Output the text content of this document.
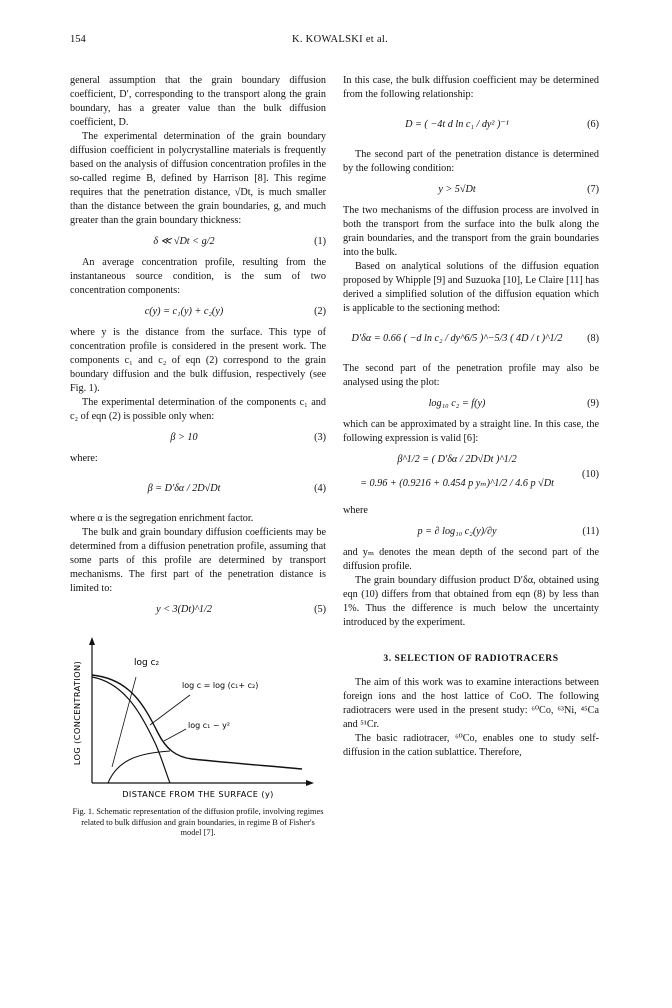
154	K. KOWALSKI et al.

general assumption that the grain boundary diffusion coefficient, D′, corresponding to the transport along the grain boundary, has a greater value than the bulk diffusion coefficient, D.

The experimental determination of the grain boundary diffusion coefficient in polycrystalline materials is frequently based on the analysis of diffusion concentration profiles in the so-called regime B, defined by Harrison [8]. This regime requires that the penetration distance, √Dt, is much smaller than the distance between the grain boundaries, g, and much greater than the grain boundary thickness:

δ ≪ √Dt < g/2	(1)

An average concentration profile, resulting from the instantaneous source condition, is the sum of two concentration components:

c(y) = c₁(y) + c₂(y)	(2)

where y is the distance from the surface. This type of concentration profile is considered in the present work. The components c₁ and c₂ of eqn (2) correspond to the grain boundary diffusion and the bulk diffusion, respectively (see Fig. 1).

The experimental determination of the components c₁ and c₂ of eqn (2) is possible only when:

β > 10	(3)

where:

β = D′δα / 2D√Dt	(4)

where α is the segregation enrichment factor.

The bulk and grain boundary diffusion coefficients may be determined from a diffusion penetration profile, assuming that some parts of this profile are determined by transport mechanisms. The first part of the penetration distance is limited to:

y < 3(Dt)^1/2	(5)
log c₂
log c = log (c₁+ c₂)
log c₁ ~ y²
LOG (CONCENTRATION)
DISTANCE FROM THE SURFACE (y)
Fig. 1. Schematic representation of the diffusion profile, involving regimes related to bulk diffusion and grain boundaries, in regime B of Fisher's model [7].

In this case, the bulk diffusion coefficient may be determined from the following relationship:

D = ( −4t d ln c₁ / dy² )⁻¹	(6)

The second part of the penetration distance is determined by the following condition:

y > 5√Dt	(7)

The two mechanisms of the diffusion process are involved in both the transport from the surface into the bulk along the grain boundaries, and the transport from the grain boundaries into the bulk.

Based on analytical solutions of the diffusion equation proposed by Whipple [9] and Suzuoka [10], Le Claire [11] has derived a simplified solution of the diffusion equation which is applicable to the sectioning method:

D′δα = 0.66 ( −d ln c₂ / dy^6/5 )^−5/3 ( 4D / t )^1/2	(8)

The second part of the penetration profile may also be analysed using the plot:

log₁₀ c₂ = f(y)	(9)

which can be approximated by a straight line. In this case, the following expression is valid [6]:

β^1/2 = ( D′δα / 2D√Dt )^1/2
= 0.96 + (0.9216 + 0.454 p yₘ)^1/2 / 4.6 p √Dt
(10)

where

p = ∂ log₁₀ c₂(y)/∂y	(11)

and yₘ denotes the mean depth of the second part of the diffusion profile.

The grain boundary diffusion product D′δα, obtained using eqn (10) differs from that obtained from eqn (8) by less than 1%. Thus the difference is much below the uncertainty introduced by the experiment.

3. SELECTION OF RADIOTRACERS

The aim of this work was to examine interactions between foreign ions and the host lattice of CoO. The following radiotracers were used in the present study: ⁶⁰Co, ⁶³Ni, ⁴⁵Ca and ⁵¹Cr.

The basic radiotracer, ⁶⁰Co, enables one to study self-diffusion in the cation sublattice. Therefore,
